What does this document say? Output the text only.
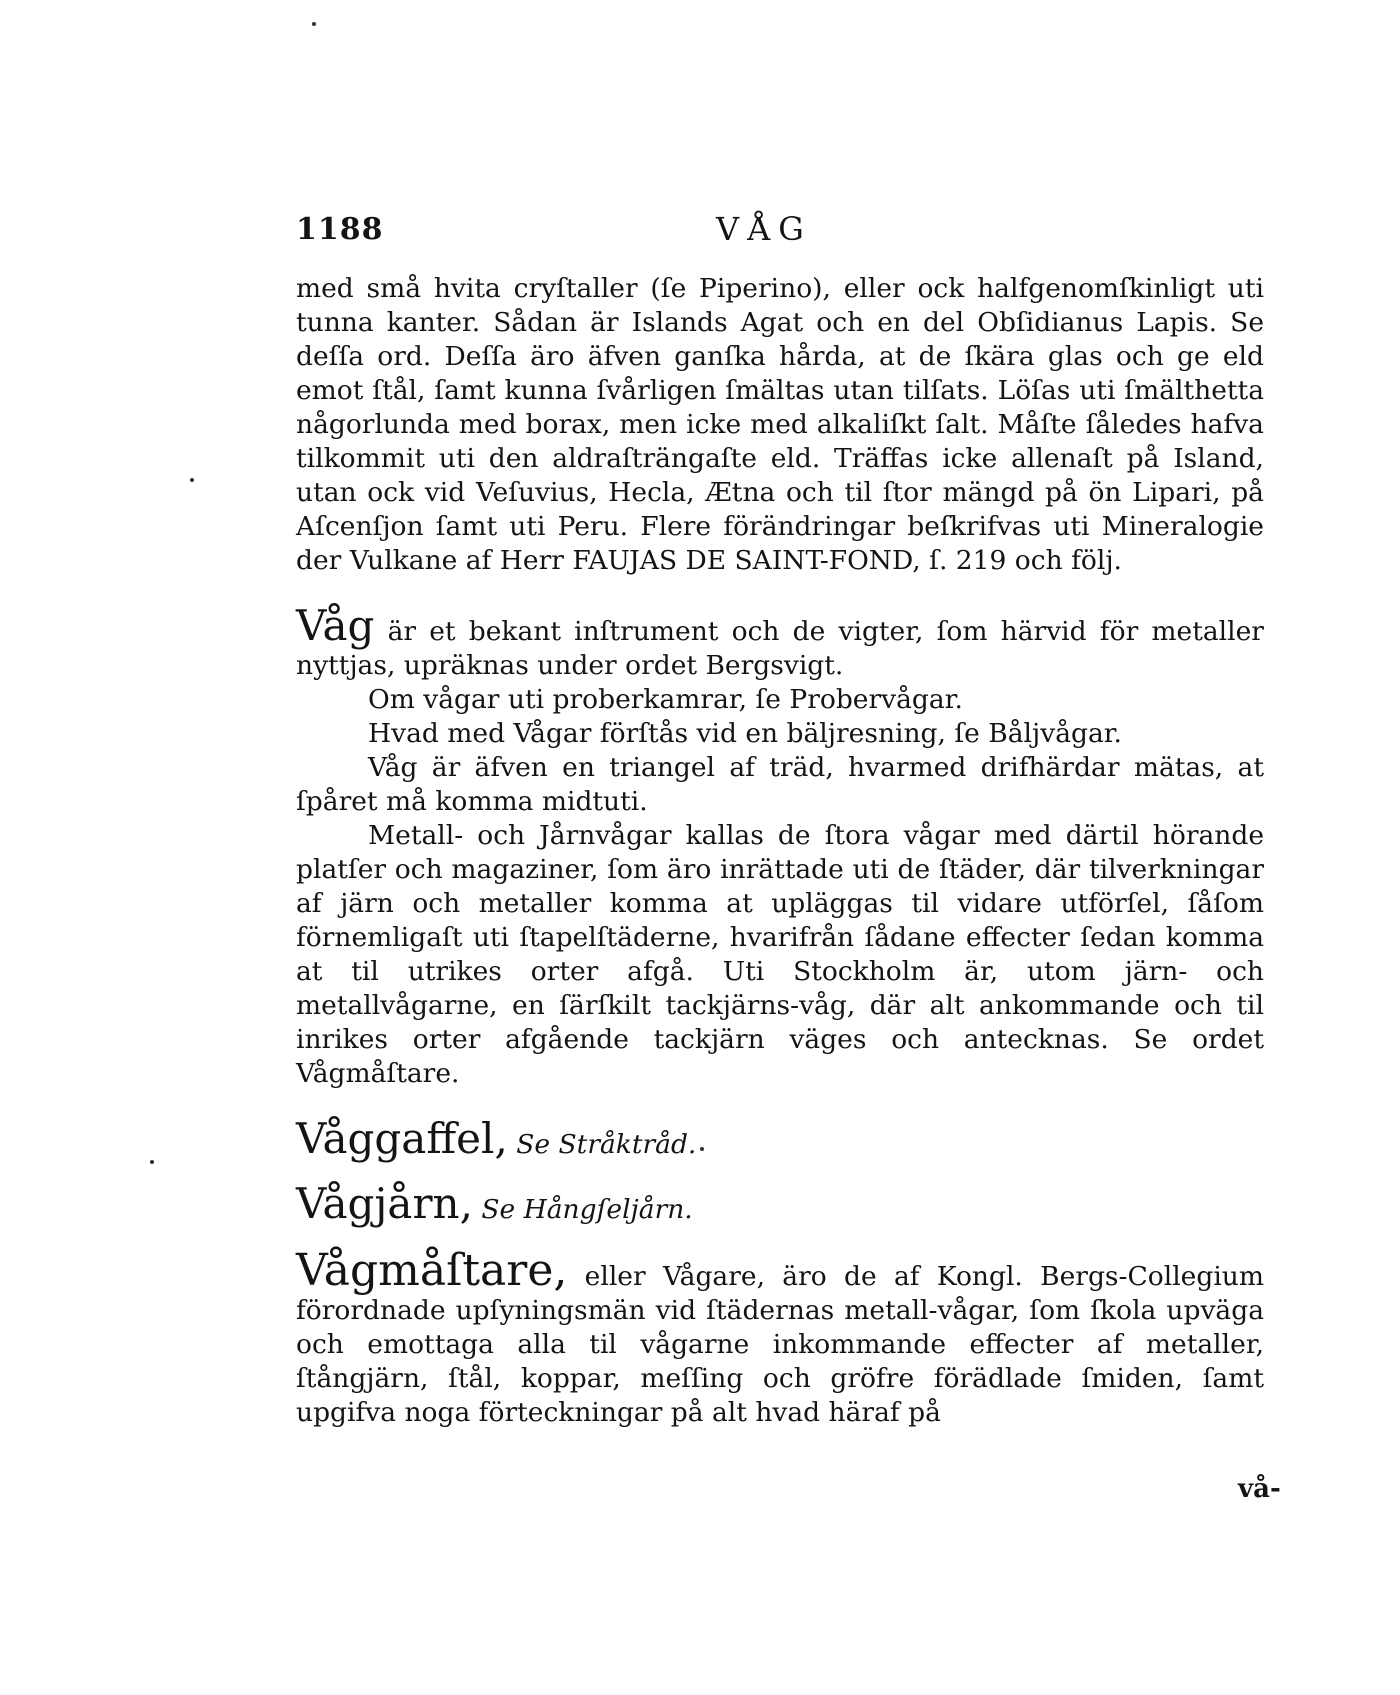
1188	VÅG

med små hvita cryſtaller (ſe Piperino), eller ock halfgenomſkinligt uti tunna kanter. Sådan är Islands Agat och en del Obſidianus Lapis. Se deſſa ord. Deſſa äro äfven ganſka hårda, at de ſkära glas och ge eld emot ſtål, ſamt kunna ſvårligen ſmältas utan tilſats. Löſas uti ſmälthetta någorlunda med borax, men icke med alkaliſkt ſalt. Måſte ſåledes hafva tilkommit uti den aldraſträngaſte eld. Träffas icke allenaſt på Island, utan ock vid Veſuvius, Hecla, Ætna och til ſtor mängd på ön Lipari, på Aſcenſjon ſamt uti Peru. Flere förändringar beſkrifvas uti Mineralogie der Vulkane af Herr FAUJAS DE SAINT-FOND, ſ. 219 och följ.

Våg är et bekant inſtrument och de vigter, ſom härvid för metaller nyttjas, upräknas under ordet Bergsvigt.

Om vågar uti proberkamrar, ſe Probervågar.

Hvad med Vågar förſtås vid en bäljresning, ſe Båljvågar.

Våg är äfven en triangel af träd, hvarmed drifhärdar mätas, at ſpåret må komma midtuti.

Metall- och Jårnvågar kallas de ſtora vågar med därtil hörande platſer och magaziner, ſom äro inrättade uti de ſtäder, där tilverkningar af järn och metaller komma at upläggas til vidare utförſel, ſåſom förnemligaſt uti ſtapelſtäderne, hvarifrån ſådane effecter ſedan komma at til utrikes orter afgå. Uti Stockholm är, utom järn- och metallvågarne, en ſärſkilt tackjärns-våg, där alt ankommande och til inrikes orter afgående tackjärn väges och antecknas. Se ordet Vågmåſtare.

Våggaffel, Se Stråktråd.

Vågjårn, Se Hångſeljårn.

Vågmåſtare, eller Vågare, äro de af Kongl. Bergs-Collegium förordnade upſyningsmän vid ſtädernas metall-vågar, ſom ſkola upväga och emottaga alla til vågarne inkommande effecter af metaller, ſtångjärn, ſtål, koppar, meſſing och gröfre förädlade ſmiden, ſamt upgifva noga förteckningar på alt hvad häraf på

vå-
